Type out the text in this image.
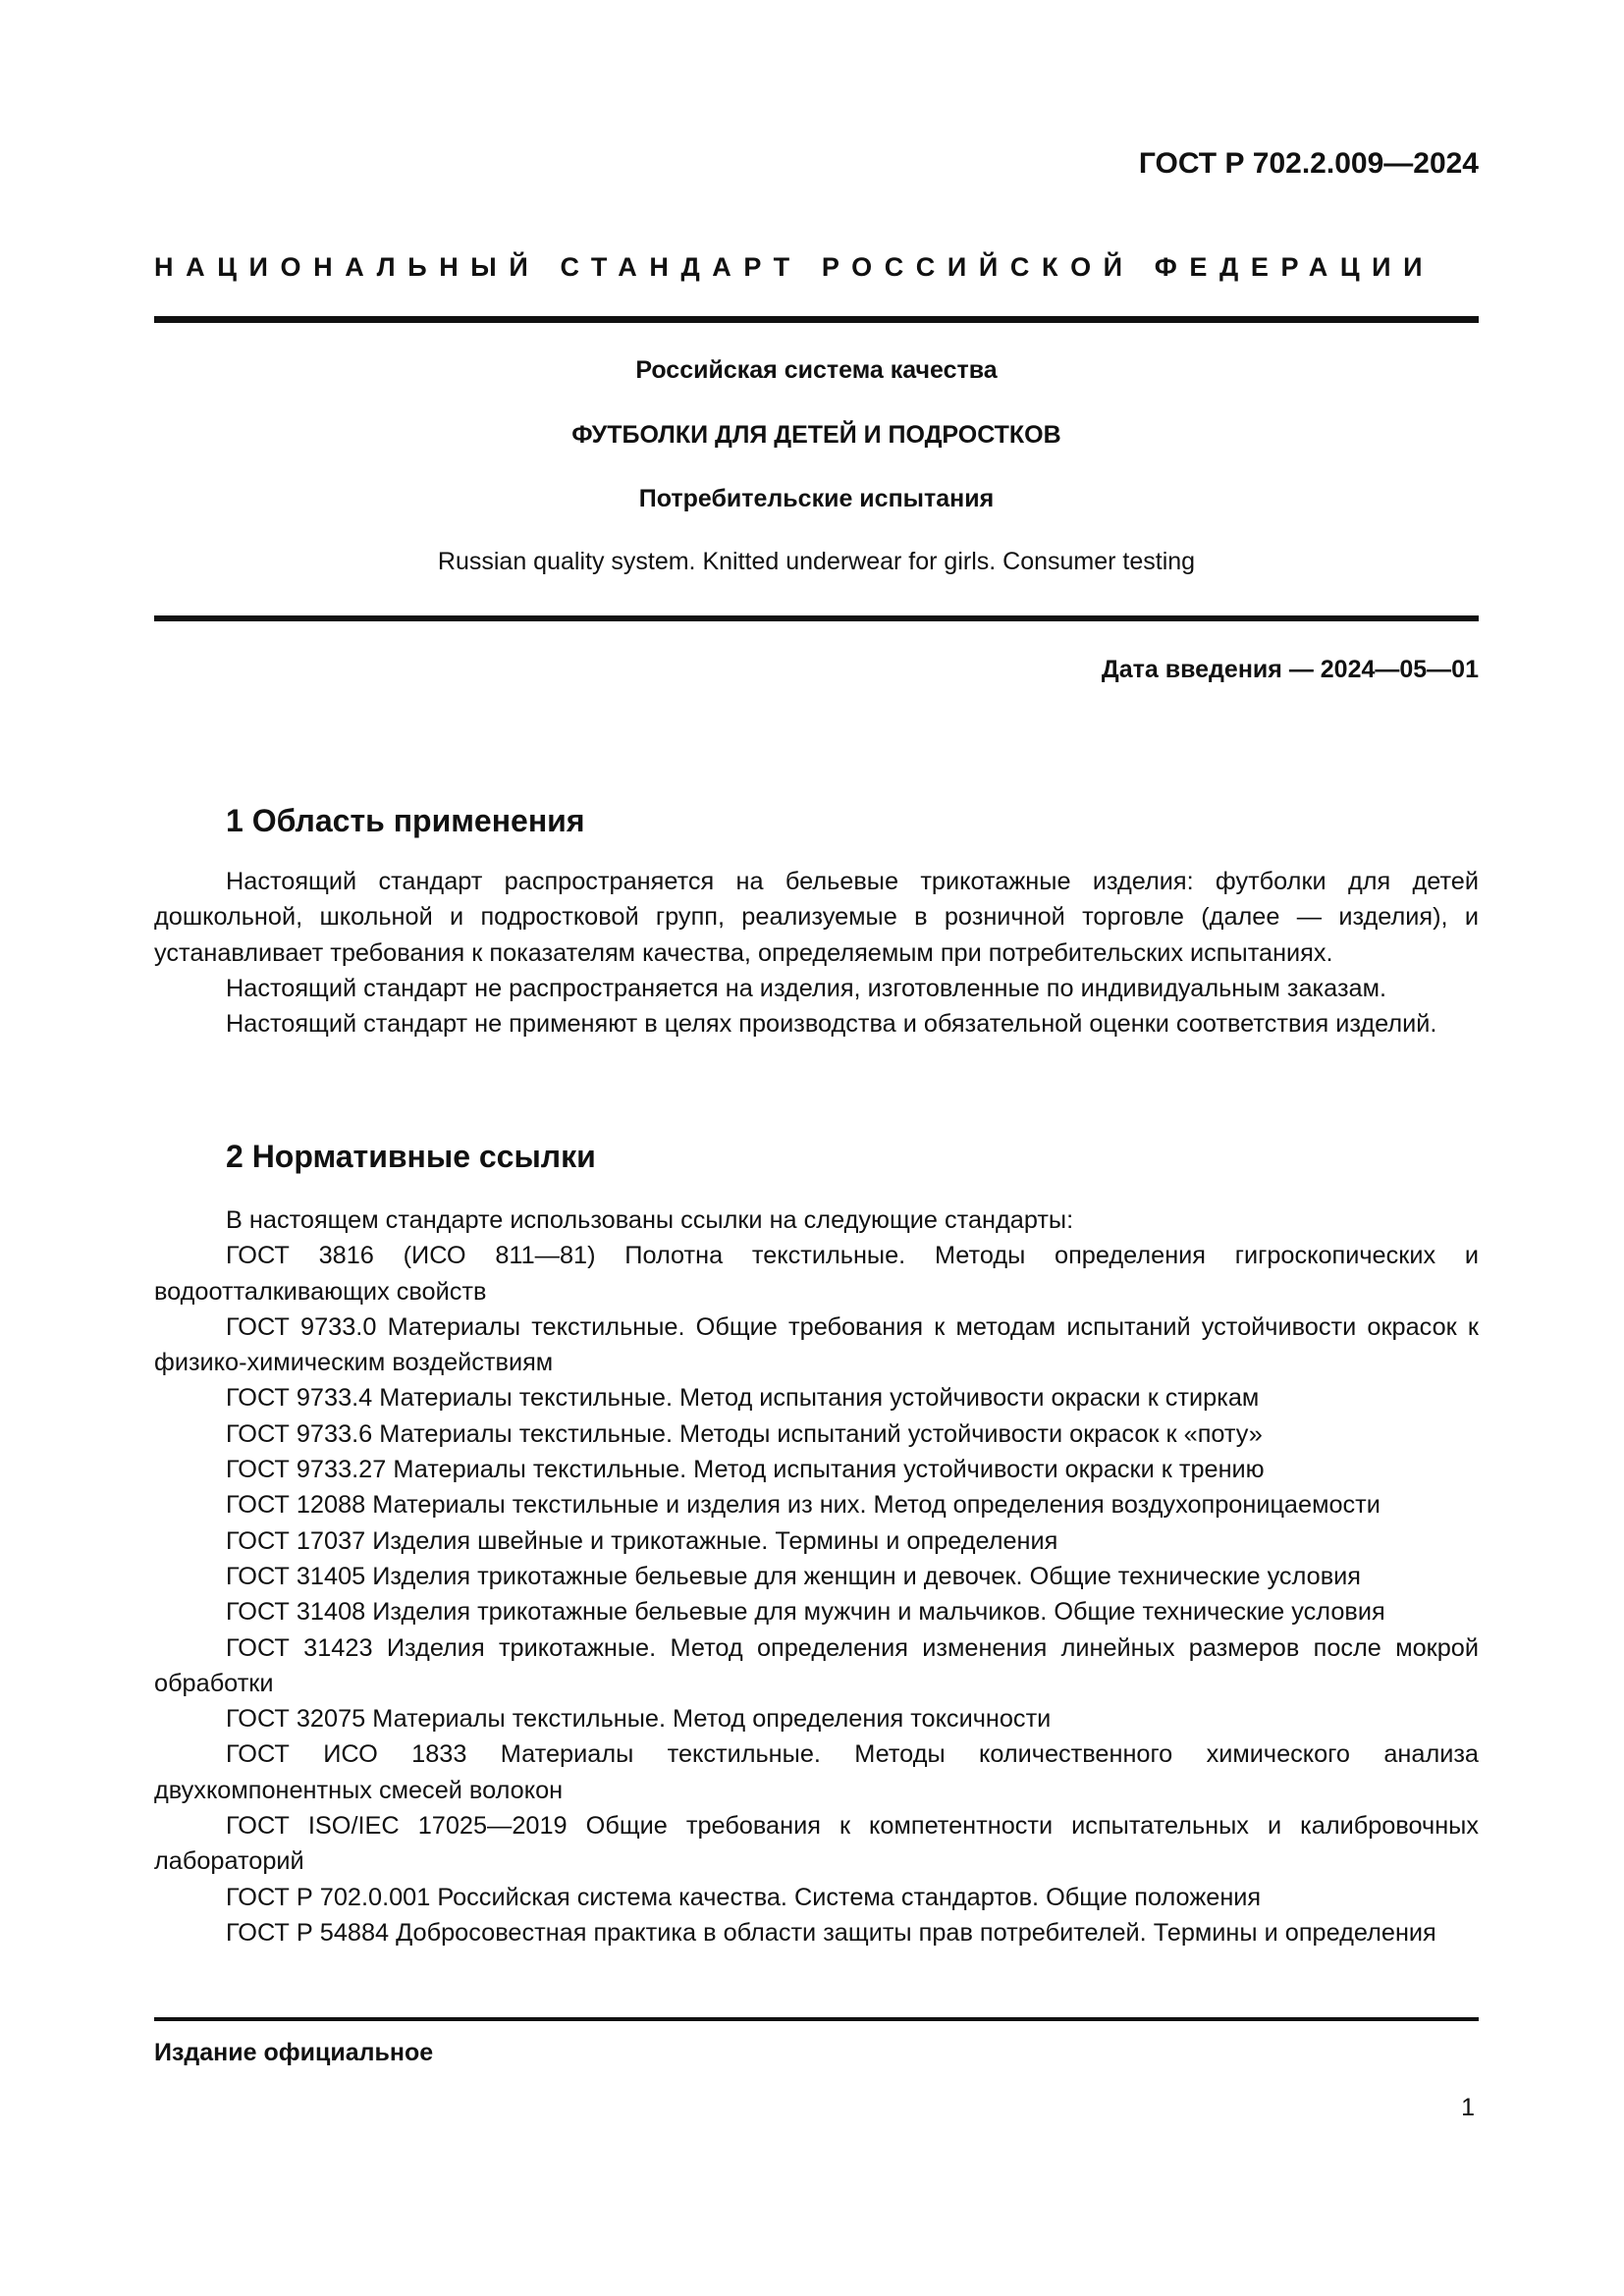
ГОСТ Р 702.2.009—2024
НАЦИОНАЛЬНЫЙ СТАНДАРТ РОССИЙСКОЙ ФЕДЕРАЦИИ
Российская система качества
ФУТБОЛКИ ДЛЯ ДЕТЕЙ И ПОДРОСТКОВ
Потребительские испытания
Russian quality system. Knitted underwear for girls. Consumer testing
Дата введения — 2024—05—01
1 Область применения

Настоящий стандарт распространяется на бельевые трикотажные изделия: футболки для детей дошкольной, школьной и подростковой групп, реализуемые в розничной торговле (далее — изделия), и устанавливает требования к показателям качества, определяемым при потребительских испытаниях.

Настоящий стандарт не распространяется на изделия, изготовленные по индивидуальным заказам.

Настоящий стандарт не применяют в целях производства и обязательной оценки соответствия изделий.

2 Нормативные ссылки

В настоящем стандарте использованы ссылки на следующие стандарты:

ГОСТ 3816 (ИСО 811—81) Полотна текстильные. Методы определения гигроскопических и водоотталкивающих свойств

ГОСТ 9733.0 Материалы текстильные. Общие требования к методам испытаний устойчивости окрасок к физико-химическим воздействиям

ГОСТ 9733.4 Материалы текстильные. Метод испытания устойчивости окраски к стиркам

ГОСТ 9733.6 Материалы текстильные. Методы испытаний устойчивости окрасок к «поту»

ГОСТ 9733.27 Материалы текстильные. Метод испытания устойчивости окраски к трению

ГОСТ 12088 Материалы текстильные и изделия из них. Метод определения воздухопроницаемости

ГОСТ 17037 Изделия швейные и трикотажные. Термины и определения

ГОСТ 31405 Изделия трикотажные бельевые для женщин и девочек. Общие технические условия

ГОСТ 31408 Изделия трикотажные бельевые для мужчин и мальчиков. Общие технические условия

ГОСТ 31423 Изделия трикотажные. Метод определения изменения линейных размеров после мокрой обработки

ГОСТ 32075 Материалы текстильные. Метод определения токсичности

ГОСТ ИСО 1833 Материалы текстильные. Методы количественного химического анализа двухкомпонентных смесей волокон

ГОСТ ISO/IEC 17025—2019 Общие требования к компетентности испытательных и калибровочных лабораторий

ГОСТ Р 702.0.001 Российская система качества. Система стандартов. Общие положения

ГОСТ Р 54884 Добросовестная практика в области защиты прав потребителей. Термины и определения

Издание официальное
1
